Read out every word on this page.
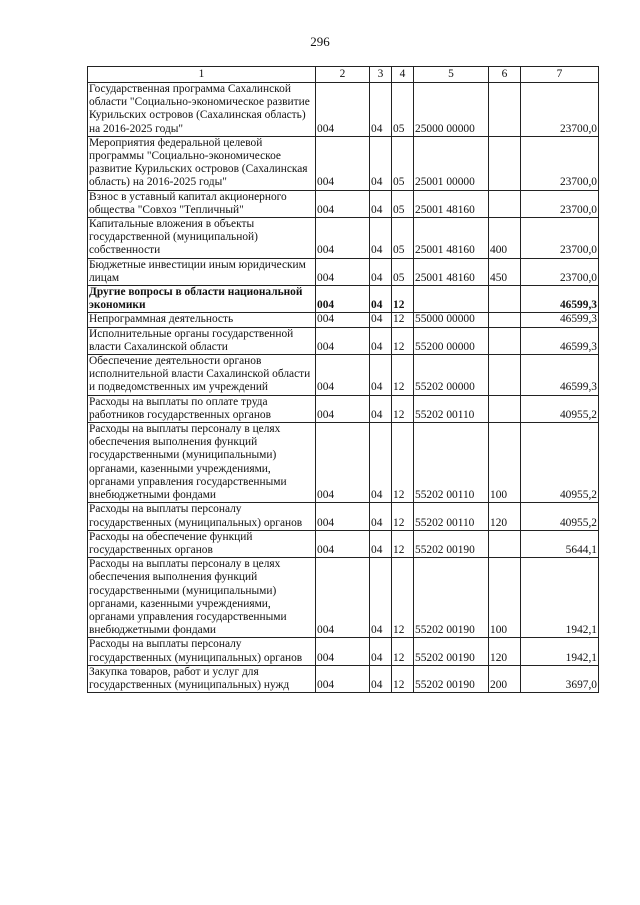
296
1	2	3	4	5	6	7
Государственная программа Сахалинской области "Социально-экономическое развитие Курильских островов (Сахалинская область) на 2016-2025 годы"	004	04	05	25000 00000		23700,0
Мероприятия федеральной целевой программы "Социально-экономическое развитие Курильских островов (Сахалинская область) на 2016-2025 годы"	004	04	05	25001 00000		23700,0
Взнос в уставный капитал акционерного общества "Совхоз "Тепличный"	004	04	05	25001 48160		23700,0
Капитальные вложения в объекты государственной (муниципальной) собственности	004	04	05	25001 48160	400	23700,0
Бюджетные инвестиции иным юридическим лицам	004	04	05	25001 48160	450	23700,0
Другие вопросы в области национальной экономики	004	04	12			46599,3
Непрограммная деятельность	004	04	12	55000 00000		46599,3
Исполнительные органы государственной власти Сахалинской области	004	04	12	55200 00000		46599,3
Обеспечение деятельности органов исполнительной власти Сахалинской области и подведомственных им учреждений	004	04	12	55202 00000		46599,3
Расходы на выплаты по оплате труда работников государственных органов	004	04	12	55202 00110		40955,2
Расходы на выплаты персоналу в целях обеспечения выполнения функций государственными (муниципальными) органами, казенными учреждениями, органами управления государственными внебюджетными фондами	004	04	12	55202 00110	100	40955,2
Расходы на выплаты персоналу государственных (муниципальных) органов	004	04	12	55202 00110	120	40955,2
Расходы на обеспечение функций государственных органов	004	04	12	55202 00190		5644,1
Расходы на выплаты персоналу в целях обеспечения выполнения функций государственными (муниципальными) органами, казенными учреждениями, органами управления государственными внебюджетными фондами	004	04	12	55202 00190	100	1942,1
Расходы на выплаты персоналу государственных (муниципальных) органов	004	04	12	55202 00190	120	1942,1
Закупка товаров, работ и услуг для государственных (муниципальных) нужд	004	04	12	55202 00190	200	3697,0
